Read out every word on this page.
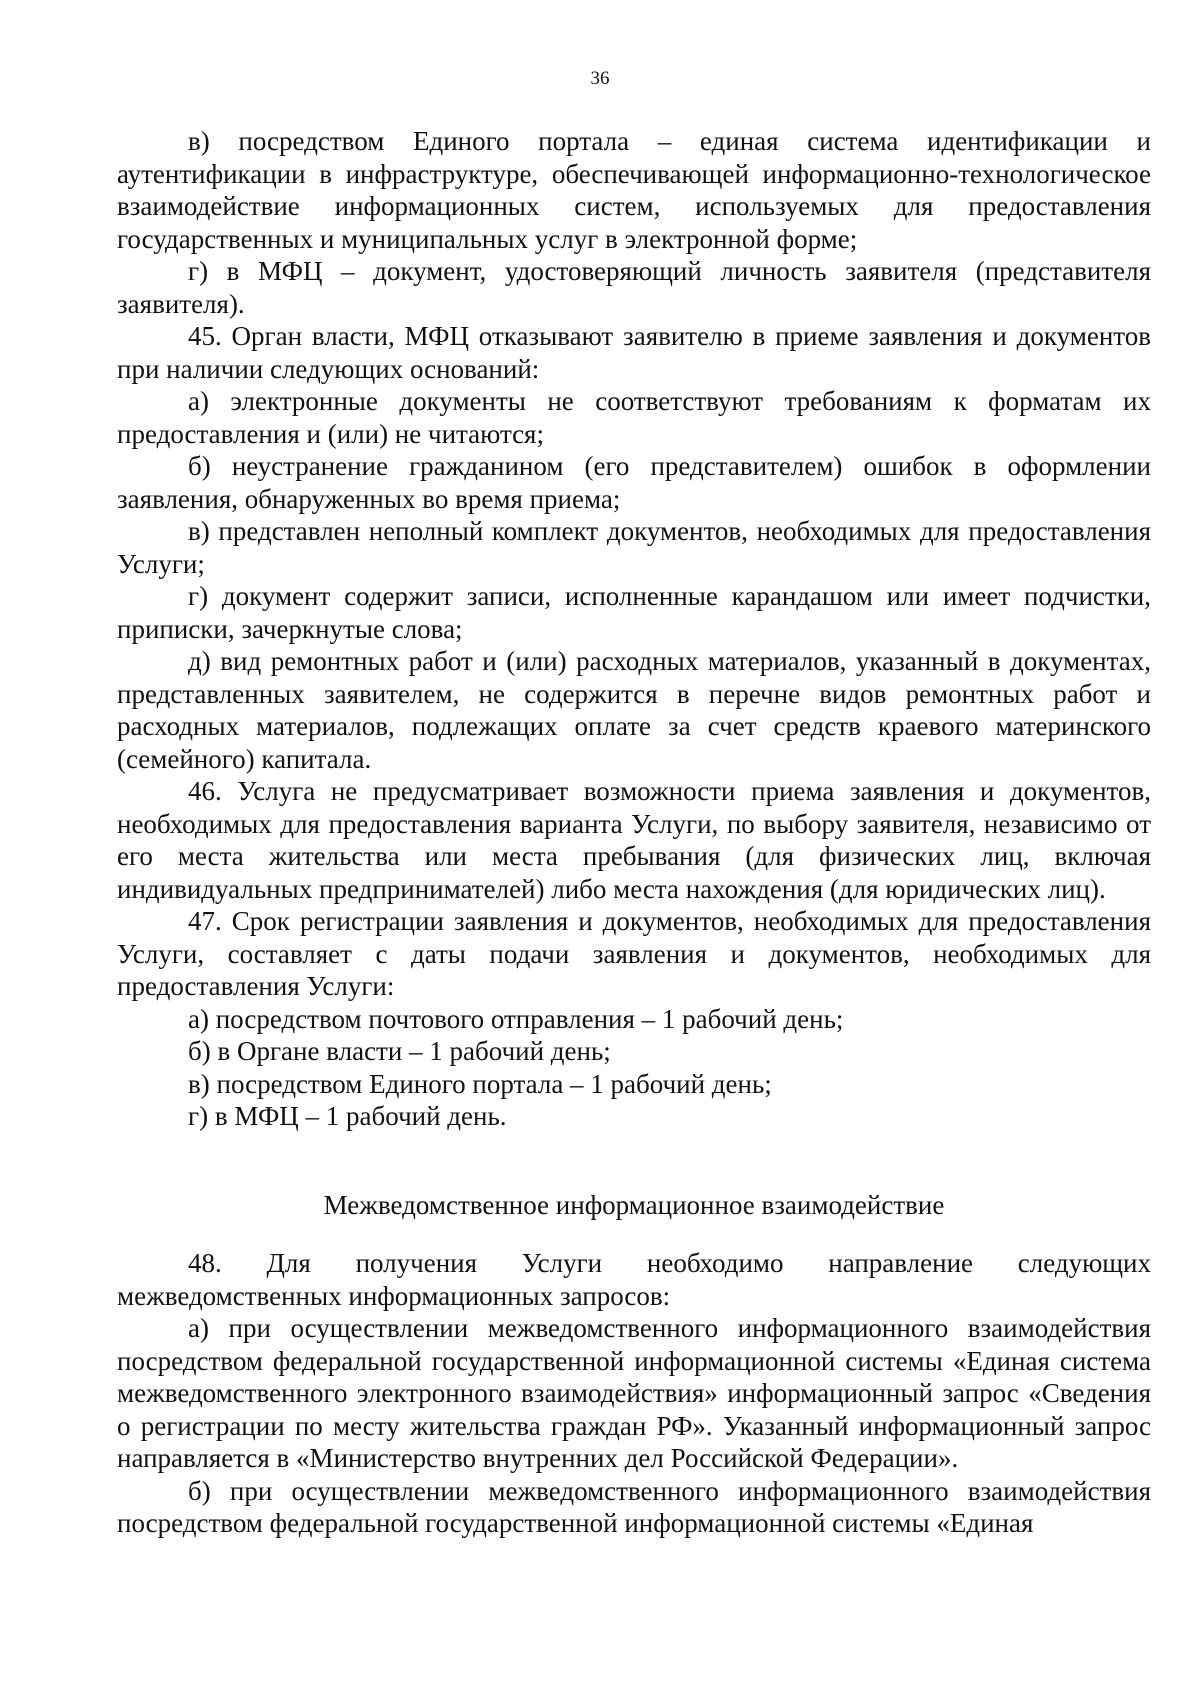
36

в) посредством Единого портала – единая система идентификации и аутентификации в инфраструктуре, обеспечивающей информационно-технологическое взаимодействие информационных систем, используемых для предоставления государственных и муниципальных услуг в электронной форме;

г) в МФЦ – документ, удостоверяющий личность заявителя (представителя заявителя).

45. Орган власти, МФЦ отказывают заявителю в приеме заявления и документов при наличии следующих оснований:

а) электронные документы не соответствуют требованиям к форматам их предоставления и (или) не читаются;

б) неустранение гражданином (его представителем) ошибок в оформлении заявления, обнаруженных во время приема;

в) представлен неполный комплект документов, необходимых для предоставления Услуги;

г) документ содержит записи, исполненные карандашом или имеет подчистки, приписки, зачеркнутые слова;

д) вид ремонтных работ и (или) расходных материалов, указанный в документах, представленных заявителем, не содержится в перечне видов ремонтных работ и расходных материалов, подлежащих оплате за счет средств краевого материнского (семейного) капитала.

46. Услуга не предусматривает возможности приема заявления и документов, необходимых для предоставления варианта Услуги, по выбору заявителя, независимо от его места жительства или места пребывания (для физических лиц, включая индивидуальных предпринимателей) либо места нахождения (для юридических лиц).

47. Срок регистрации заявления и документов, необходимых для предоставления Услуги, составляет с даты подачи заявления и документов, необходимых для предоставления Услуги:

а) посредством почтового отправления – 1 рабочий день;

б) в Органе власти – 1 рабочий день;

в) посредством Единого портала – 1 рабочий день;

г) в МФЦ – 1 рабочий день.

Межведомственное информационное взаимодействие

48. Для получения Услуги необходимо направление следующих межведомственных информационных запросов:

а) при осуществлении межведомственного информационного взаимодействия посредством федеральной государственной информационной системы «Единая система межведомственного электронного взаимодействия» информационный запрос «Сведения о регистрации по месту жительства граждан РФ». Указанный информационный запрос направляется в «Министерство внутренних дел Российской Федерации».

б) при осуществлении межведомственного информационного взаимодействия посредством федеральной государственной информационной системы «Единая
